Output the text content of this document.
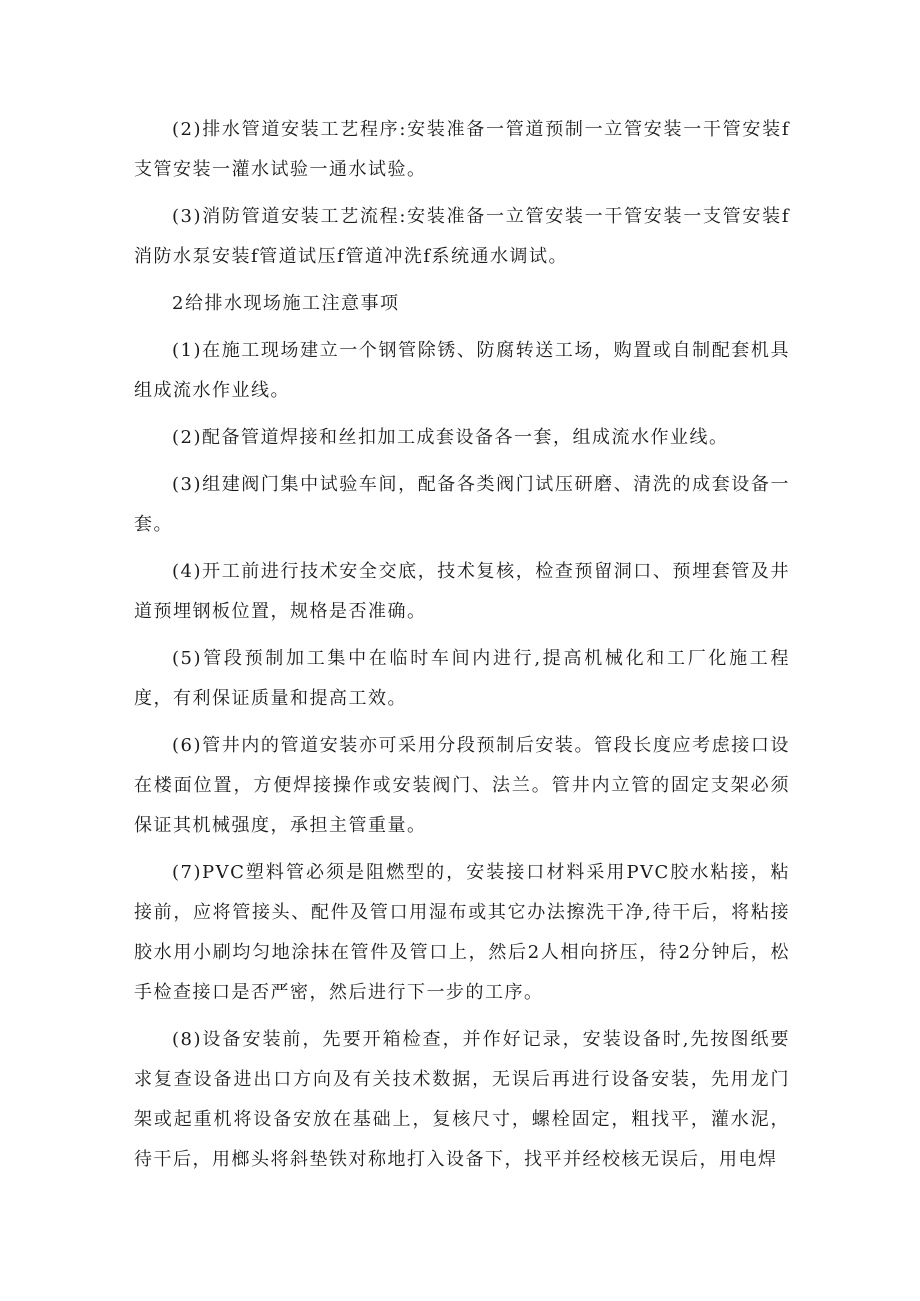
(2)排水管道安装工艺程序:安装准备一管道预制一立管安装一干管安装f支管安装一灌水试验一通水试验。

(3)消防管道安装工艺流程:安装准备一立管安装一干管安装一支管安装f消防水泵安装f管道试压f管道冲洗f系统通水调试。

2给排水现场施工注意事项

(1)在施工现场建立一个钢管除锈、防腐转送工场，购置或自制配套机具组成流水作业线。

(2)配备管道焊接和丝扣加工成套设备各一套，组成流水作业线。

(3)组建阀门集中试验车间，配备各类阀门试压研磨、清洗的成套设备一套。

(4)开工前进行技术安全交底，技术复核，检查预留洞口、预埋套管及井道预埋钢板位置，规格是否准确。

(5)管段预制加工集中在临时车间内进行,提高机械化和工厂化施工程度，有利保证质量和提高工效。

(6)管井内的管道安装亦可采用分段预制后安装。管段长度应考虑接口设在楼面位置，方便焊接操作或安装阀门、法兰。管井内立管的固定支架必须保证其机械强度，承担主管重量。

(7)PVC塑料管必须是阻燃型的，安装接口材料采用PVC胶水粘接，粘接前，应将管接头、配件及管口用湿布或其它办法擦洗干净,待干后，将粘接胶水用小刷均匀地涂抹在管件及管口上，然后2人相向挤压，待2分钟后，松手检查接口是否严密，然后进行下一步的工序。

(8)设备安装前，先要开箱检查，并作好记录，安装设备时,先按图纸要求复查设备进出口方向及有关技术数据，无误后再进行设备安装，先用龙门架或起重机将设备安放在基础上，复核尺寸，螺栓固定，粗找平，灌水泥，待干后，用榔头将斜垫铁对称地打入设备下，找平并经校核无误后，用电焊
